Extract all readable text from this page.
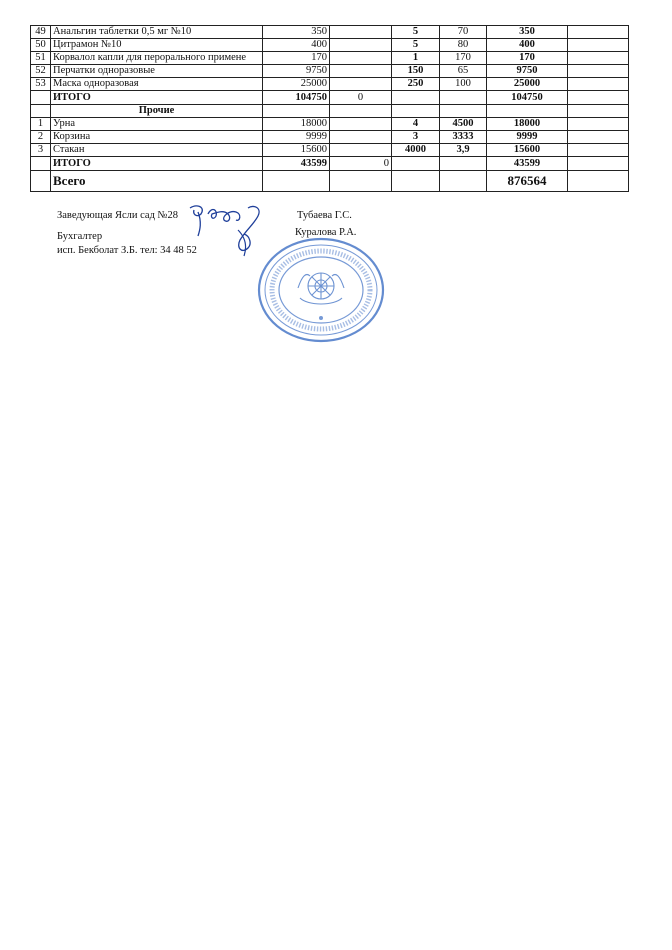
49	Анальгин таблетки 0,5 мг №10	350		5	70	350	
50	Цитрамон №10	400		5	80	400	
51	Корвалол капли для перорального примене	170		1	170	170	
52	Перчатки одноразовые	9750		150	65	9750	
53	Маска одноразовая	25000		250	100	25000	
	ИТОГО	104750	0			104750	
	Прочие						
1	Урна	18000		4	4500	18000	
2	Корзина	9999		3	3333	9999	
3	Стакан	15600		4000	3,9	15600	
	ИТОГО	43599	0			43599	
	Всего					876564	
Заведующая Ясли сад №28	Тубаева Г.С.
Бухгалтер	Куралова Р.А.
исп. Бекболат З.Б. тел: 34 48 52
